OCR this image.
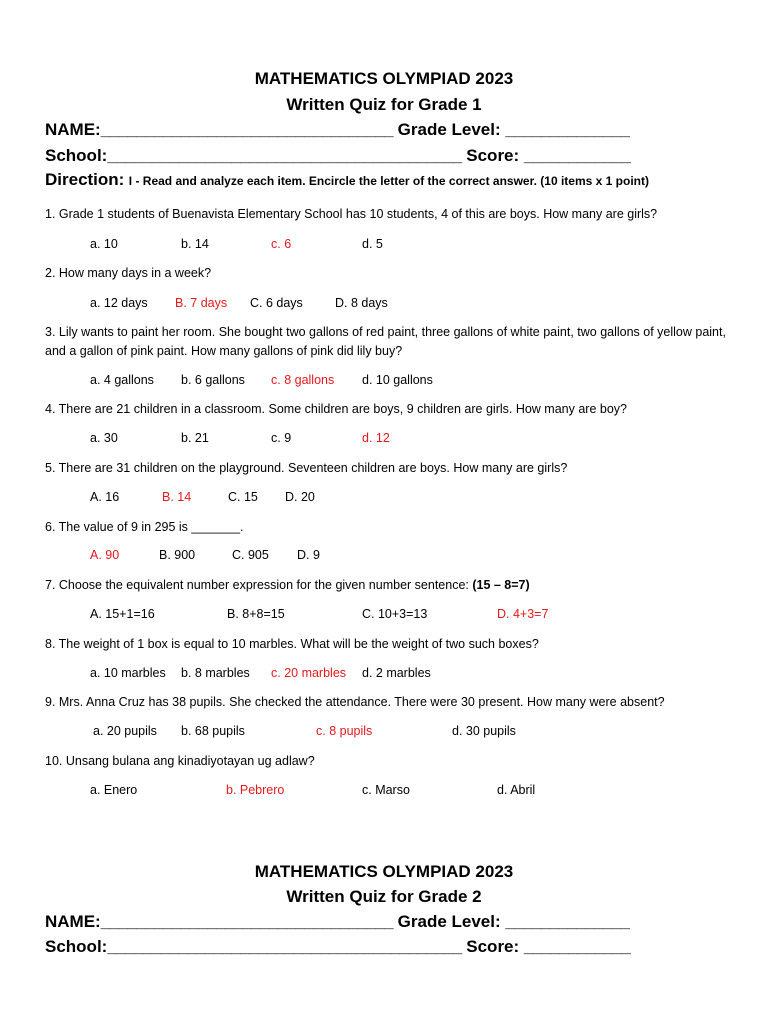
MATHEMATICS OLYMPIAD 2023
Written Quiz for Grade 1
NAME:_________________________________ Grade Level: ______________
School:________________________________________ Score: ____________
Direction: I - Read and analyze each item. Encircle the letter of the correct answer. (10 items x 1 point)
1. Grade 1 students of Buenavista Elementary School has 10 students, 4 of this are boys. How many are girls?
a. 10	b. 14	c. 6	d. 5
2. How many days in a week?
a. 12 days B. 7 days C. 6 days	D. 8 days
3. Lily wants to paint her room. She bought two gallons of red paint, three gallons of white paint, two gallons of yellow paint, and a gallon of pink paint. How many gallons of pink did lily buy?
a. 4 gallons b. 6 gallons c. 8 gallons d. 10 gallons
4. There are 21 children in a classroom. Some children are boys, 9 children are girls. How many are boy?
a. 30	b. 21	c. 9	d. 12
5. There are 31 children on the playground. Seventeen children are boys. How many are girls?
A. 16	B. 14	C. 15 D. 20
6. The value of 9 in 295 is _______.
A. 90	B. 900	C. 905 D. 9
7. Choose the equivalent number expression for the given number sentence: (15 – 8=7)
A. 15+1=16	B. 8+8=15	C. 10+3=13	D. 4+3=7
8. The weight of 1 box is equal to 10 marbles. What will be the weight of two such boxes?
a. 10 marbles b. 8 marbles c. 20 marbles d. 2 marbles
9. Mrs. Anna Cruz has 38 pupils. She checked the attendance. There were 30 present. How many were absent?
a. 20 pupils b. 68 pupils	c. 8 pupils	d. 30 pupils
10. Unsang bulana ang kinadiyotayan ug adlaw?
a. Enero	b. Pebrero	c. Marso	d. Abril
MATHEMATICS OLYMPIAD 2023
Written Quiz for Grade 2
NAME:_________________________________ Grade Level: ______________
School:________________________________________ Score: ____________
